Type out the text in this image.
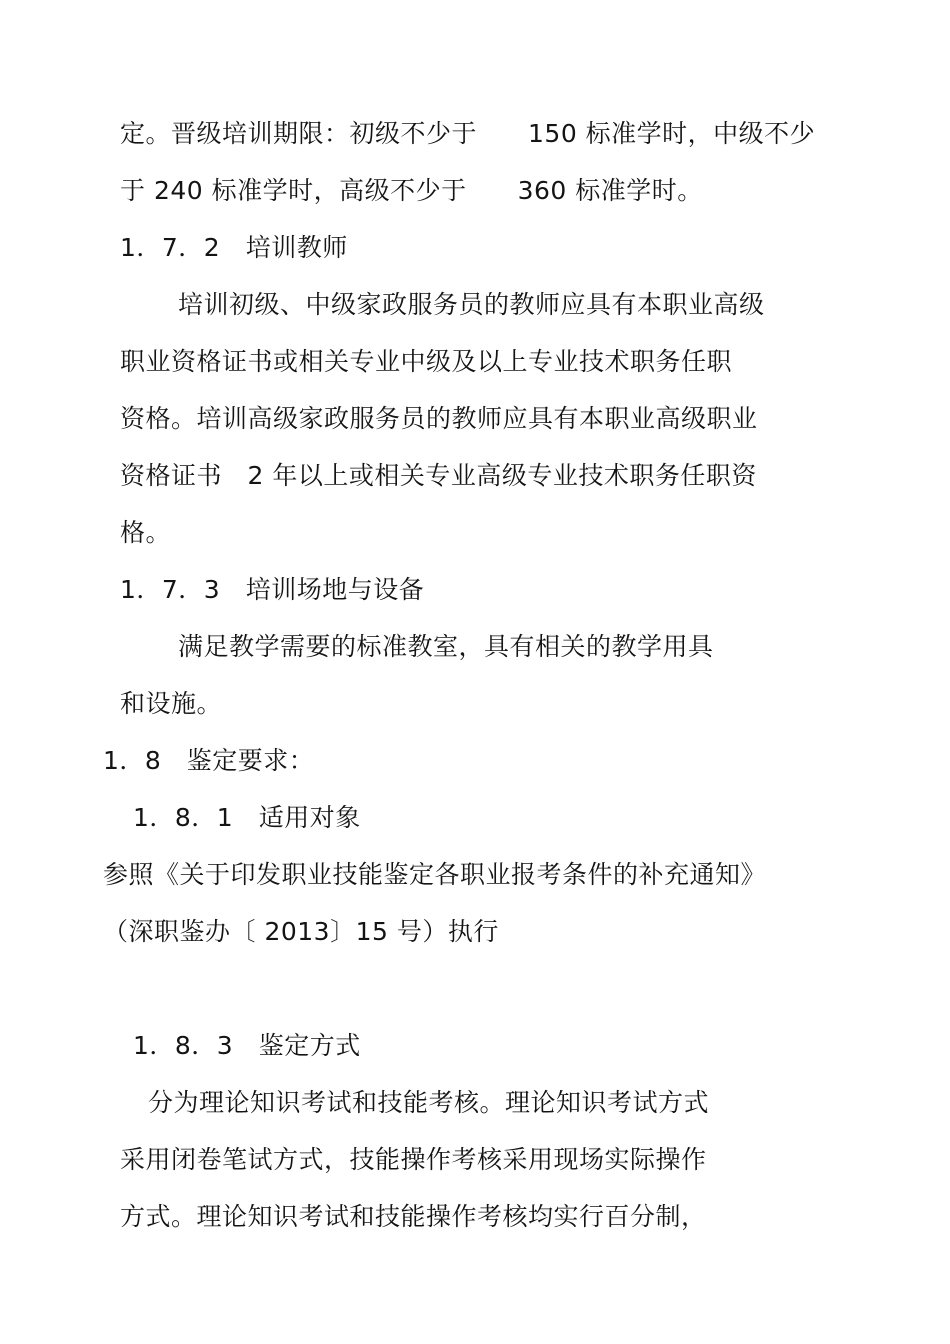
定。晋级培训期限：初级不少于　　150 标准学时，中级不少
于 240 标准学时，高级不少于　　360 标准学时。
1．7．2　培训教师
培训初级、中级家政服务员的教师应具有本职业高级
职业资格证书或相关专业中级及以上专业技术职务任职
资格。培训高级家政服务员的教师应具有本职业高级职业
资格证书　2 年以上或相关专业高级专业技术职务任职资
格。
1．7．3　培训场地与设备
满足教学需要的标准教室，具有相关的教学用具
和设施。
1．8　鉴定要求：
1．8．1　适用对象
参照《关于印发职业技能鉴定各职业报考条件的补充通知》
（深职鉴办〔 2013〕15 号）执行
1．8．3　鉴定方式
分为理论知识考试和技能考核。理论知识考试方式
采用闭卷笔试方式，技能操作考核采用现场实际操作
方式。理论知识考试和技能操作考核均实行百分制，
